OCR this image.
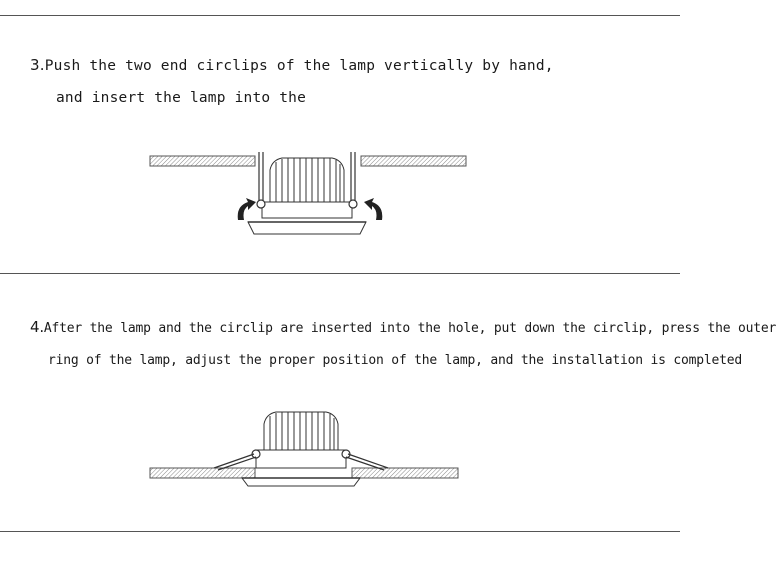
3.Push the two end circlips of the lamp vertically by hand,
and insert the lamp into the
4.After the lamp and the circlip are inserted into the hole, put down the circlip, press the outer
ring of the lamp, adjust the proper position of the lamp, and the installation is completed
